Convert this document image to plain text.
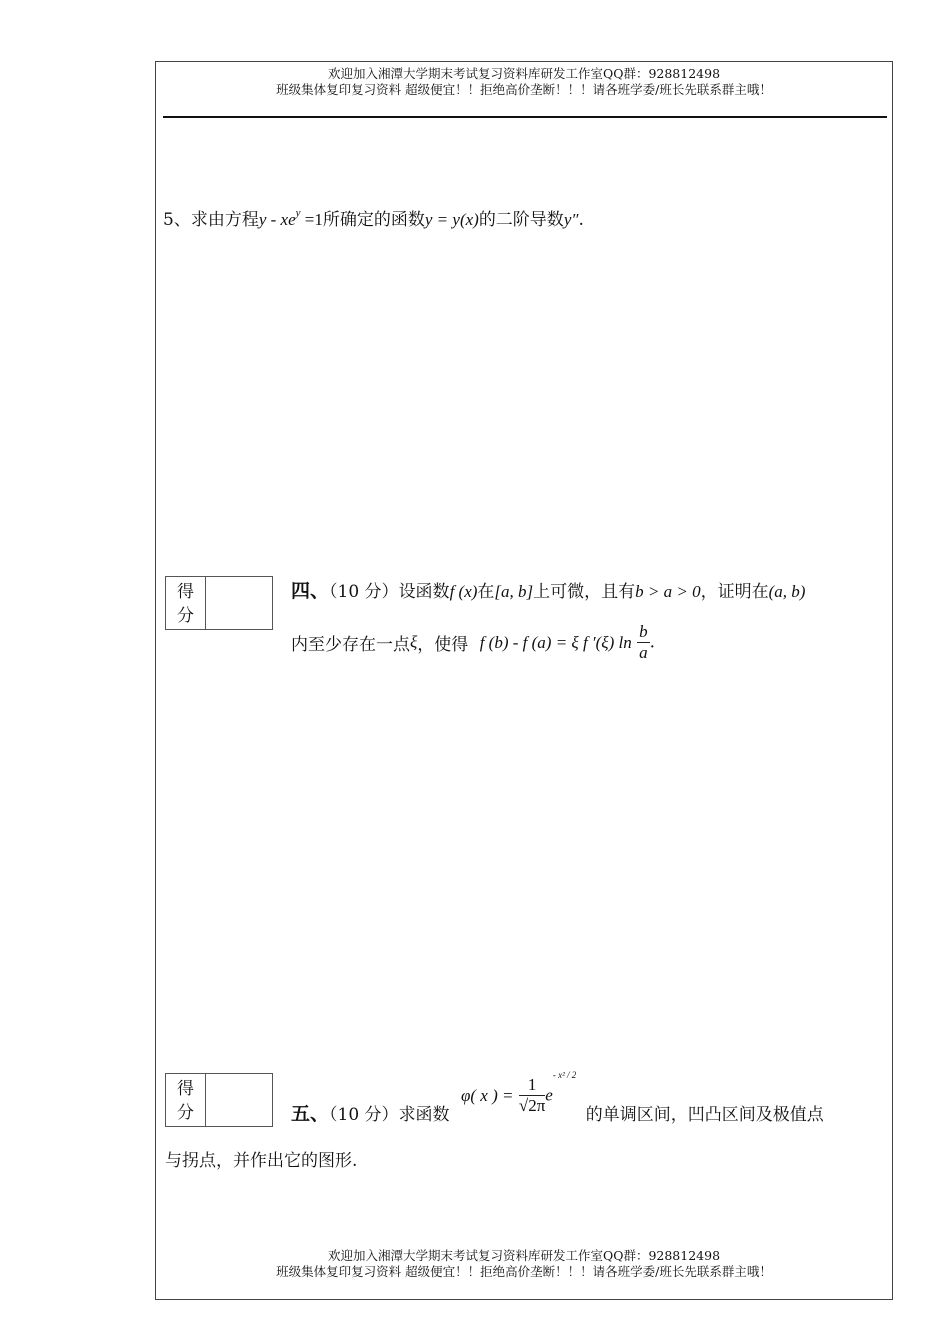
欢迎加入湘潭大学期末考试复习资料库研发工作室QQ群：928812498
班级集体复印复习资料 超级便宜！！拒绝高价垄断！！！请各班学委/班长先联系群主哦！
5、求由方程$y - xe^y =1$所确定的函数y = y(x)的二阶导数y″.
得
分
四、（10 分）设函数f (x)在[a, b]上可微，且有b > a > 0，证明在(a, b)
内至少存在一点ξ，使得 f (b) - f (a) = ξ f ′(ξ) $\ln \frac{b}{a}$ .
得
分	五、（10 分）求函数 φ( x ) = $\frac{1}{√2\pi} e^{- x^2 / 2}$ 的单调区间，凹凸区间及极值点
与拐点，并作出它的图形.
欢迎加入湘潭大学期末考试复习资料库研发工作室QQ群：928812498
班级集体复印复习资料 超级便宜！！拒绝高价垄断！！！请各班学委/班长先联系群主哦！
